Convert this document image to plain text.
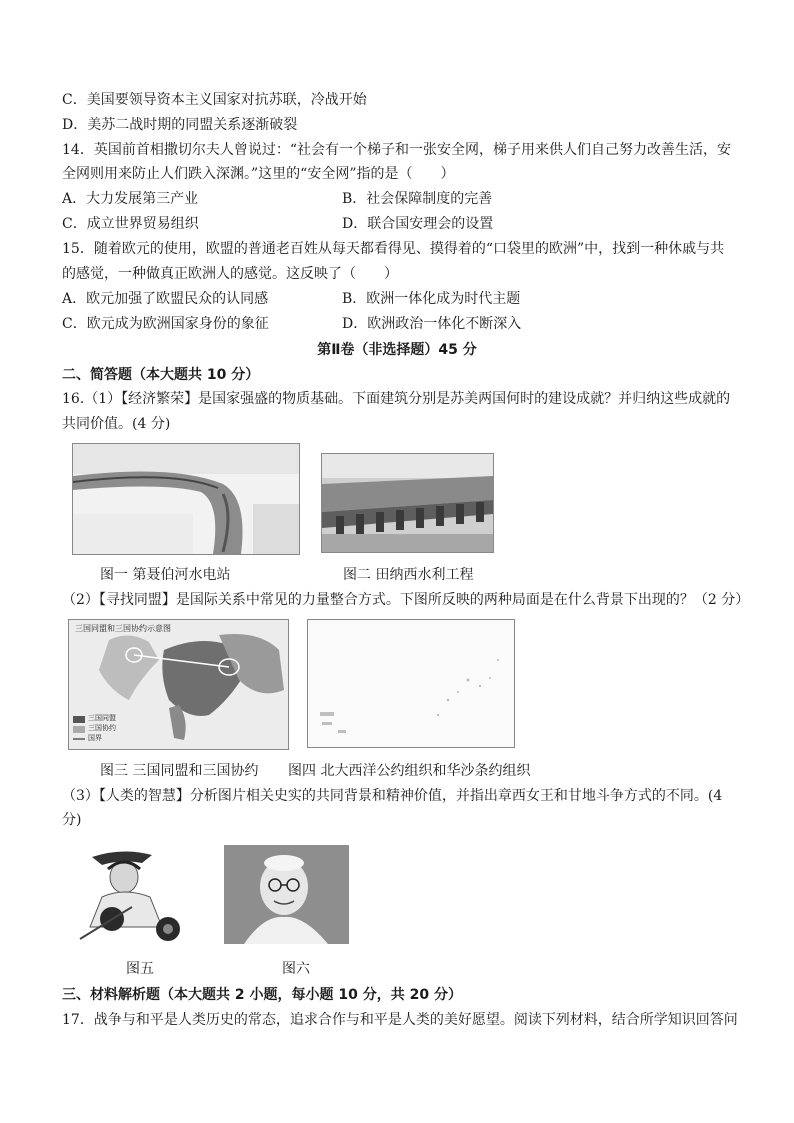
C．美国要领导资本主义国家对抗苏联，冷战开始
D．美苏二战时期的同盟关系逐渐破裂
14．英国前首相撒切尔夫人曾说过：“社会有一个梯子和一张安全网，梯子用来供人们自己努力改善生活，安
全网则用来防止人们跌入深渊。”这里的“安全网”指的是（　　）
A．大力发展第三产业	B．社会保障制度的完善
C．成立世界贸易组织	D．联合国安理会的设置
15．随着欧元的使用，欧盟的普通老百姓从每天都看得见、摸得着的“口袋里的欧洲”中，找到一种休戚与共
的感觉，一种做真正欧洲人的感觉。这反映了（　　）
A．欧元加强了欧盟民众的认同感	B．欧洲一体化成为时代主题
C．欧元成为欧洲国家身份的象征	D．欧洲政治一体化不断深入
第Ⅱ卷（非选择题）45 分
二、简答题（本大题共 10 分）
16.（1）【经济繁荣】是国家强盛的物质基础。下面建筑分别是苏美两国何时的建设成就？并归纳这些成就的
共同价值。(4 分)
图一 第聂伯河水电站	图二 田纳西水利工程
（2）【寻找同盟】是国际关系中常见的力量整合方式。下图所反映的两种局面是在什么背景下出现的？（2 分）
三国同盟和三国协约示意图
三国同盟
三国协约
国界
图三 三国同盟和三国协约 图四 北大西洋公约组织和华沙条约组织
（3）【人类的智慧】分析图片相关史实的共同背景和精神价值，并指出章西女王和甘地斗争方式的不同。(4
分)
图五	图六
三、材料解析题（本大题共 2 小题，每小题 10 分，共 20 分）
17．战争与和平是人类历史的常态，追求合作与和平是人类的美好愿望。阅读下列材料，结合所学知识回答问
